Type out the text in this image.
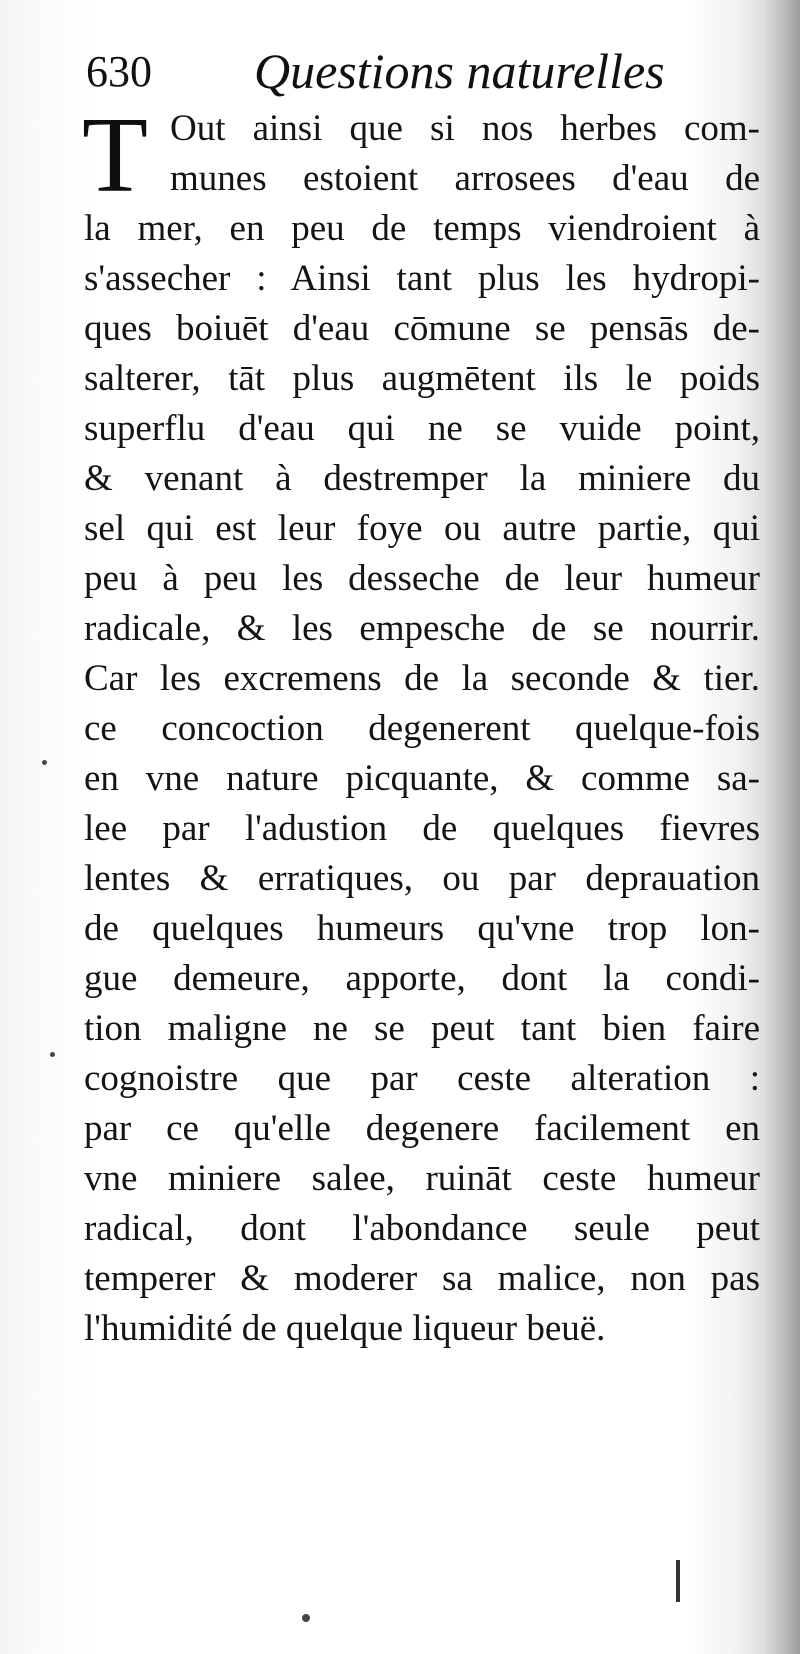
630 Questions naturelles
T Out ainsi que si nos herbes com-
munes estoient arrosees d'eau de
la mer, en peu de temps viendroient à
s'assecher : Ainsi tant plus les hydropi-
ques boiuēt d'eau cōmune se pensās de-
salterer, tāt plus augmētent ils le poids
superflu d'eau qui ne se vuide point,
& venant à destremper la miniere du
sel qui est leur foye ou autre partie, qui
peu à peu les desseche de leur humeur
radicale, & les empesche de se nourrir.
Car les excremens de la seconde & tier.
ce concoction degenerent quelque-fois
en vne nature picquante, & comme sa-
lee par l'adustion de quelques fievres
lentes & erratiques, ou par deprauation
de quelques humeurs qu'vne trop lon-
gue demeure, apporte, dont la condi-
tion maligne ne se peut tant bien faire
cognoistre que par ceste alteration :
par ce qu'elle degenere facilement en
vne miniere salee, ruināt ceste humeur
radical, dont l'abondance seule peut
temperer & moderer sa malice, non pas
l'humidité de quelque liqueur beuë.
